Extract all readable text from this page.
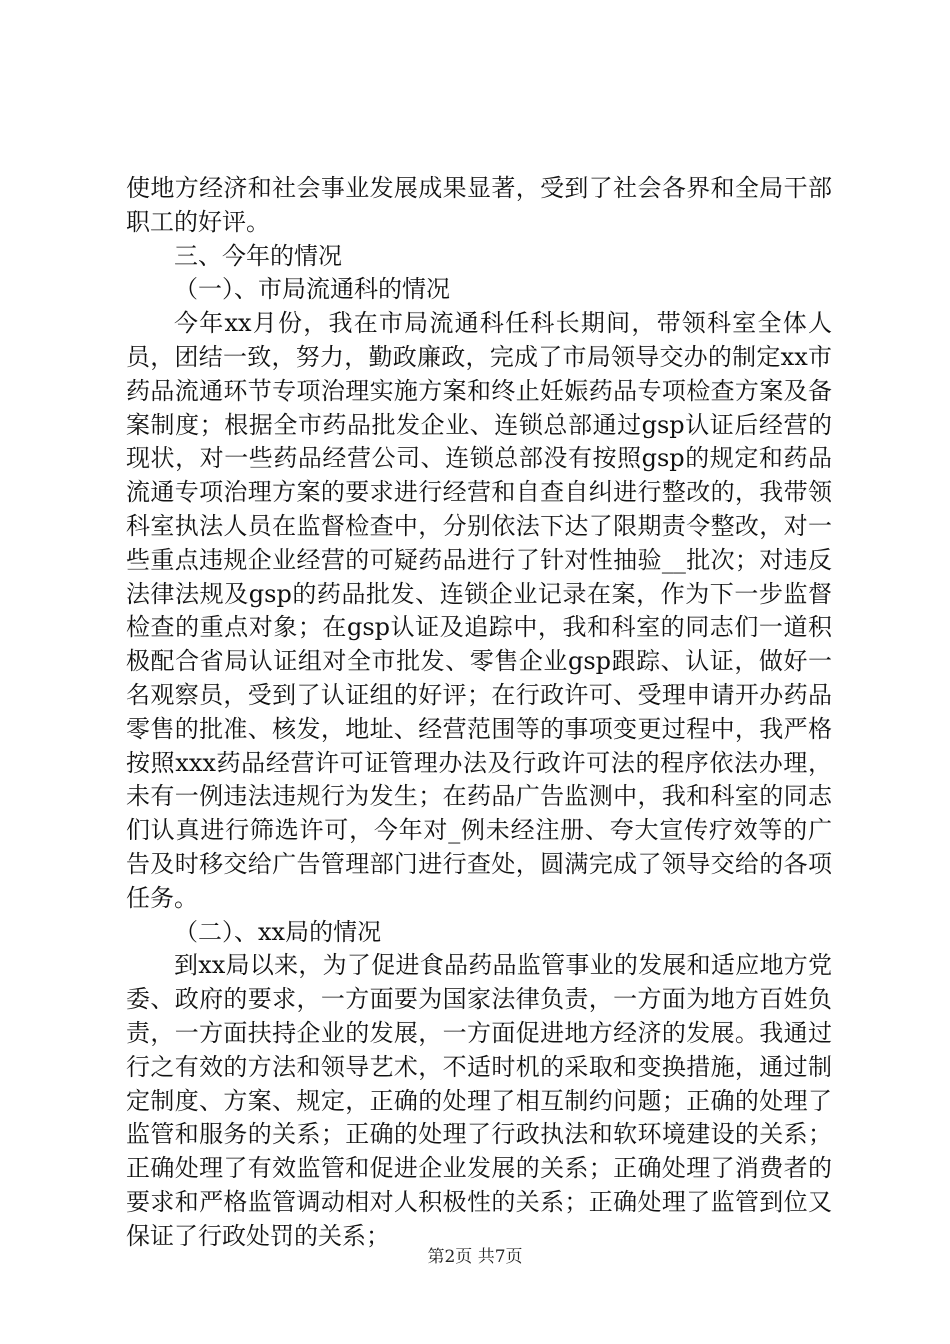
使地方经济和社会事业发展成果显著，受到了社会各界和全局干部职工的好评。

三、今年的情况

（一）、市局流通科的情况

今年xx月份，我在市局流通科任科长期间，带领科室全体人员，团结一致，努力，勤政廉政，完成了市局领导交办的制定xx市药品流通环节专项治理实施方案和终止妊娠药品专项检查方案及备案制度；根据全市药品批发企业、连锁总部通过gsp认证后经营的现状，对一些药品经营公司、连锁总部没有按照gsp的规定和药品流通专项治理方案的要求进行经营和自查自纠进行整改的，我带领科室执法人员在监督检查中，分别依法下达了限期责令整改，对一些重点违规企业经营的可疑药品进行了针对性抽验__批次；对违反法律法规及gsp的药品批发、连锁企业记录在案，作为下一步监督检查的重点对象；在gsp认证及追踪中，我和科室的同志们一道积极配合省局认证组对全市批发、零售企业gsp跟踪、认证，做好一名观察员，受到了认证组的好评；在行政许可、受理申请开办药品零售的批准、核发，地址、经营范围等的事项变更过程中，我严格按照xxx药品经营许可证管理办法及行政许可法的程序依法办理，未有一例违法违规行为发生；在药品广告监测中，我和科室的同志们认真进行筛选许可，今年对_例未经注册、夸大宣传疗效等的广告及时移交给广告管理部门进行查处，圆满完成了领导交给的各项任务。

（二）、xx局的情况

到xx局以来，为了促进食品药品监管事业的发展和适应地方党委、政府的要求，一方面要为国家法律负责，一方面为地方百姓负责，一方面扶持企业的发展，一方面促进地方经济的发展。我通过行之有效的方法和领导艺术，不适时机的采取和变换措施，通过制定制度、方案、规定，正确的处理了相互制约问题；正确的处理了监管和服务的关系；正确的处理了行政执法和软环境建设的关系；正确处理了有效监管和促进企业发展的关系；正确处理了消费者的要求和严格监管调动相对人积极性的关系；正确处理了监管到位又保证了行政处罚的关系；

第2页 共7页
